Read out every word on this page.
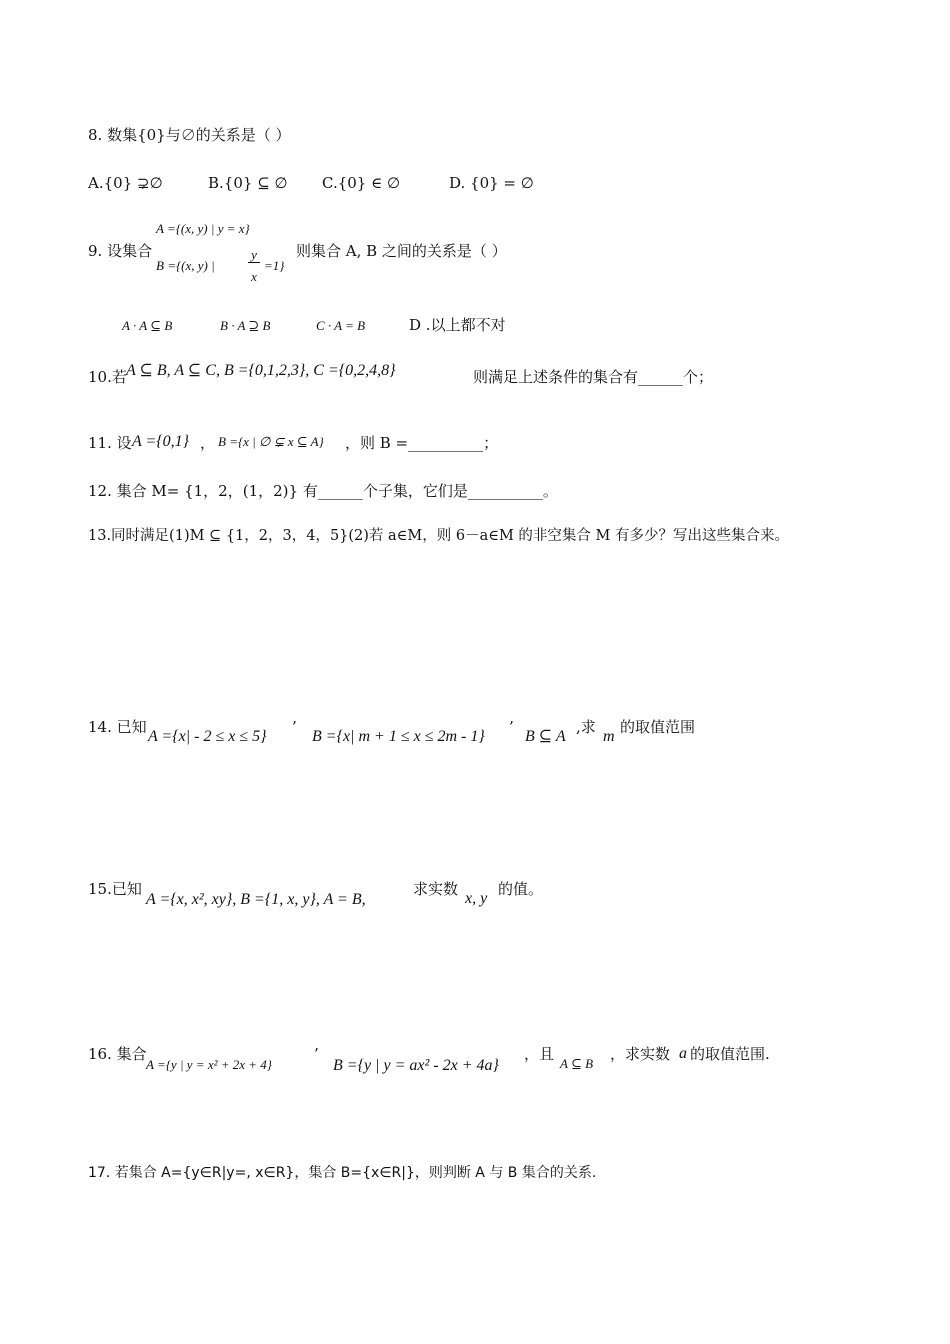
8. 数集{0}与∅的关系是（ ）
A.{0} ⊋∅	B.{0} ⊆ ∅ C.{0} ∈ ∅	D. {0} = ∅
9. 设集合
A ={(x, y) | y = x}
B ={(x, y) |
y
x
=1}
则集合 A, B 之间的关系是（ ）
A · A ⊆ B	B · A ⊇ B	C · A = B	D .以上都不对
10.若 A ⊆ B, A ⊆ C, B ={0,1,2,3}, C ={0,2,4,8}	则满足上述条件的集合有______个；
11. 设 A ={0,1} ， B ={x | ∅ ⊊ x ⊆ A} ，则 B =__________；
12. 集合 M= {1，2，(1，2)} 有______个子集，它们是__________。
13.同时满足(1)M ⊆ {1，2，3，4，5}(2)若 a∈M，则 6－a∈M 的非空集合 M 有多少？写出这些集合来。
14. 已知
A ={x| - 2 ≤ x ≤ 5}
’
B ={x| m + 1 ≤ x ≤ 2m - 1}
’
B ⊆ A
,求
m
的取值范围
15.已知
A ={x, x², xy}, B ={1, x, y}, A = B,
求实数
x, y
的值。
16. 集合
A ={y | y = x² + 2x + 4}
’
B ={y | y = ax² - 2x + 4a}
，且
A ⊆ B
，求实数 a 的取值范围.
17. 若集合 A={y∈R|y=, x∈R}，集合 B={x∈R|}，则判断 A 与 B 集合的关系.
